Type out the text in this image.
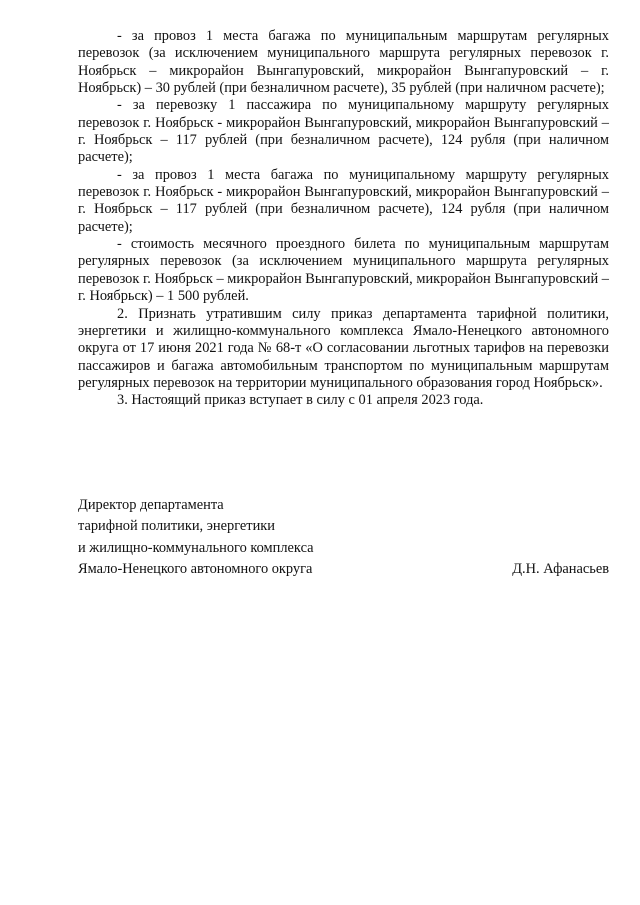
- за провоз 1 места багажа по муниципальным маршрутам регулярных перевозок (за исключением муниципального маршрута регулярных перевозок г. Ноябрьск – микрорайон Вынгапуровский, микрорайон Вынгапуровский – г. Ноябрьск) – 30 рублей (при безналичном расчете), 35 рублей (при наличном расчете);

- за перевозку 1 пассажира по муниципальному маршруту регулярных перевозок г. Ноябрьск - микрорайон Вынгапуровский, микрорайон Вынгапуровский – г. Ноябрьск – 117 рублей (при безналичном расчете), 124 рубля (при наличном расчете);

- за провоз 1 места багажа по муниципальному маршруту регулярных перевозок г. Ноябрьск - микрорайон Вынгапуровский, микрорайон Вынгапуровский – г. Ноябрьск – 117 рублей (при безналичном расчете), 124 рубля (при наличном расчете);

- стоимость месячного проездного билета по муниципальным маршрутам регулярных перевозок (за исключением муниципального маршрута регулярных перевозок г. Ноябрьск – микрорайон Вынгапуровский, микрорайон Вынгапуровский – г. Ноябрьск) – 1 500 рублей.

2. Признать утратившим силу приказ департамента тарифной политики, энергетики и жилищно-коммунального комплекса Ямало-Ненецкого автономного округа от 17 июня 2021 года № 68-т «О согласовании льготных тарифов на перевозки пассажиров и багажа автомобильным транспортом по муниципальным маршрутам регулярных перевозок на территории муниципального образования город Ноябрьск».

3. Настоящий приказ вступает в силу с 01 апреля 2023 года.

Директор департамента
тарифной политики, энергетики
и жилищно-коммунального комплекса
Ямало-Ненецкого автономного округа	Д.Н. Афанасьев
